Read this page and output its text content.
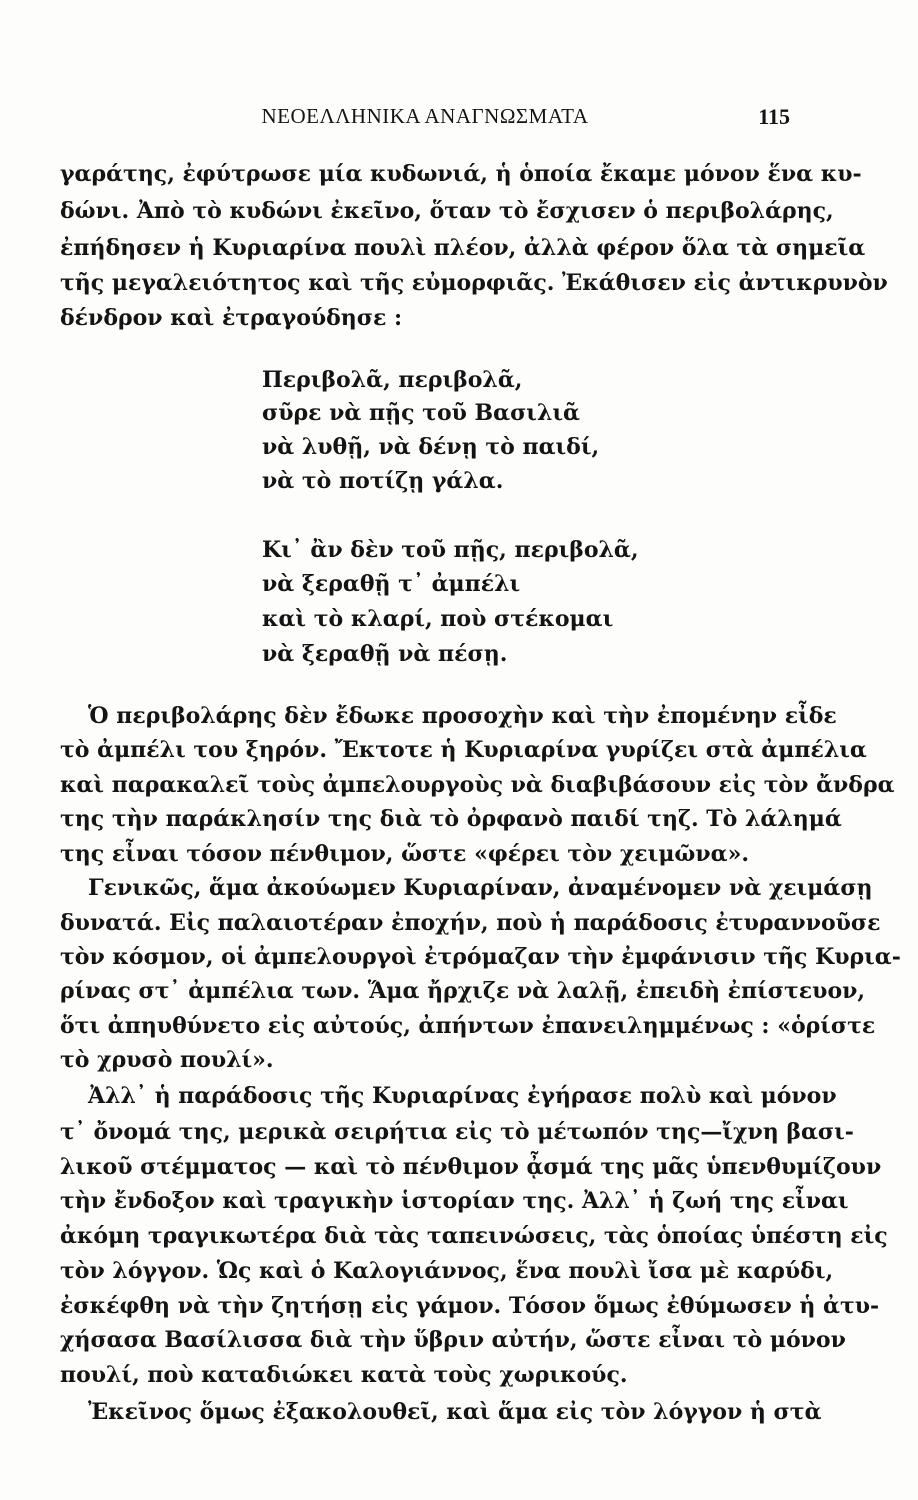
ΝΕΟΕΛΛΗΝΙΚΑ ΑΝΑΓΝΩΣΜΑΤΑ	115
γαράτης, ἐφύτρωσε μία κυδωνιά, ἡ ὁποία ἔκαμε μόνον ἕνα κυ-
δώνι. Ἀπὸ τὸ κυδώνι ἐκεῖνο, ὅταν τὸ ἔσχισεν ὁ περιβολάρης,
ἐπήδησεν ἡ Κυριαρίνα πουλὶ πλέον, ἀλλὰ φέρον ὅλα τὰ σημεῖα
τῆς μεγαλειότητος καὶ τῆς εὐμορφιᾶς. Ἐκάθισεν εἰς ἀντικρυνὸν
δένδρον καὶ ἐτραγούδησε :
Περιβολᾶ, περιβολᾶ,
σῦρε νὰ πῇς τοῦ Βασιλιᾶ
νὰ λυθῇ, νὰ δένῃ τὸ παιδί,
νὰ τὸ ποτίζῃ γάλα.
Κι᾽ ἂν δὲν τοῦ πῇς, περιβολᾶ,
νὰ ξεραθῇ τ᾽ ἀμπέλι
καὶ τὸ κλαρί, ποὺ στέκομαι
νὰ ξεραθῇ νὰ πέσῃ.
Ὁ περιβολάρης δὲν ἔδωκε προσοχὴν καὶ τὴν ἐπομένην εἶδε
τὸ ἀμπέλι του ξηρόν. Ἔκτοτε ἡ Κυριαρίνα γυρίζει στὰ ἀμπέλια
καὶ παρακαλεῖ τοὺς ἀμπελουργοὺς νὰ διαβιβάσουν εἰς τὸν ἄνδρα
της τὴν παράκλησίν της διὰ τὸ ὀρφανὸ παιδί τηζ. Τὸ λάλημά
της εἶναι τόσον πένθιμον, ὥστε «φέρει τὸν χειμῶνα».
Γενικῶς, ἅμα ἀκούωμεν Κυριαρίναν, ἀναμένομεν νὰ χειμάσῃ
δυνατά. Εἰς παλαιοτέραν ἐποχήν, ποὺ ἡ παράδοσις ἐτυραννοῦσε
τὸν κόσμον, οἱ ἀμπελουργοὶ ἐτρόμαζαν τὴν ἐμφάνισιν τῆς Κυρια-
ρίνας στ᾽ ἀμπέλια των. Ἅμα ἤρχιζε νὰ λαλῇ, ἐπειδὴ ἐπίστευον,
ὅτι ἀπηυθύνετο εἰς αὐτούς, ἀπήντων ἐπανειλημμένως : «ὁρίστε
τὸ χρυσὸ πουλί».
Ἀλλ᾽ ἡ παράδοσις τῆς Κυριαρίνας ἐγήρασε πολὺ καὶ μόνον
τ᾽ ὄνομά της, μερικὰ σειρήτια εἰς τὸ μέτωπόν της—ἴχνη βασι-
λικοῦ στέμματος — καὶ τὸ πένθιμον ᾆσμά της μᾶς ὑπενθυμίζουν
τὴν ἔνδοξον καὶ τραγικὴν ἱστορίαν της. Ἀλλ᾽ ἡ ζωή της εἶναι
ἀκόμη τραγικωτέρα διὰ τὰς ταπεινώσεις, τὰς ὁποίας ὑπέστη εἰς
τὸν λόγγον. Ὡς καὶ ὁ Καλογιάννος, ἕνα πουλὶ ἴσα μὲ καρύδι,
ἐσκέφθη νὰ τὴν ζητήσῃ εἰς γάμον. Τόσον ὅμως ἐθύμωσεν ἡ ἀτυ-
χήσασα Βασίλισσα διὰ τὴν ὕβριν αὐτήν, ὥστε εἶναι τὸ μόνον
πουλί, ποὺ καταδιώκει κατὰ τοὺς χωρικούς.
Ἐκεῖνος ὅμως ἐξακολουθεῖ, καὶ ἅμα εἰς τὸν λόγγον ἡ στὰ
